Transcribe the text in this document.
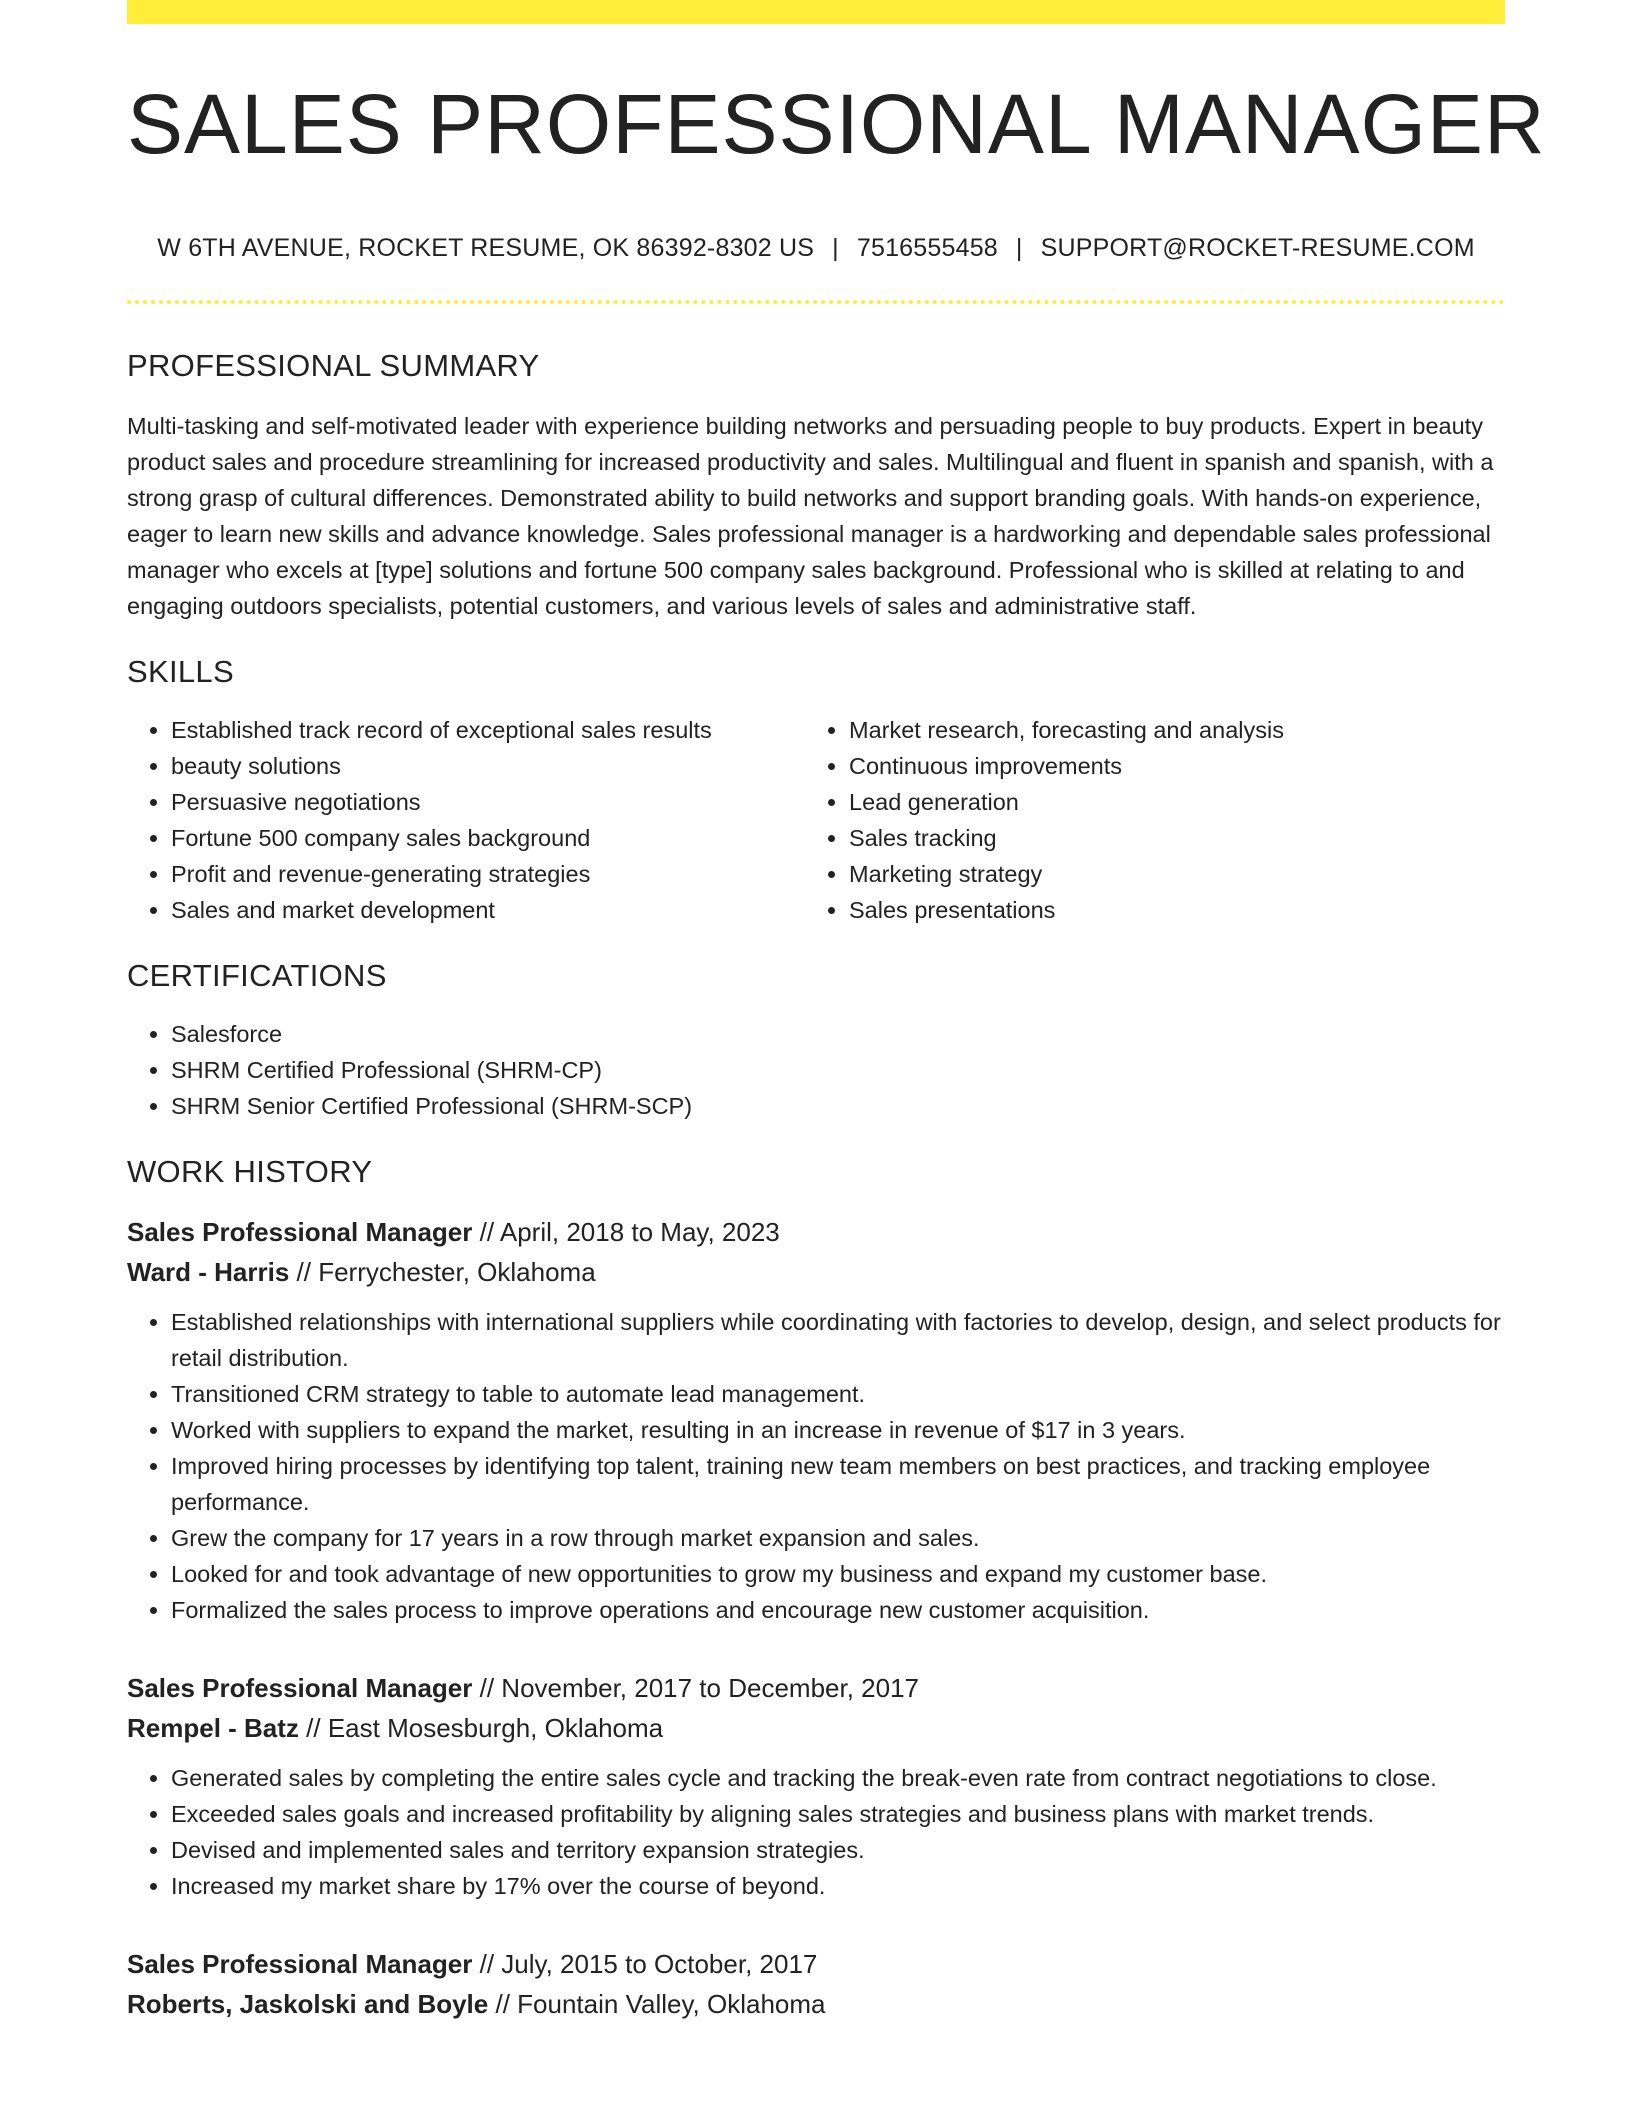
SALES PROFESSIONAL MANAGER
W 6TH AVENUE, ROCKET RESUME, OK 86392-8302 US | 7516555458 | SUPPORT@ROCKET-RESUME.COM
PROFESSIONAL SUMMARY

Multi-tasking and self-motivated leader with experience building networks and persuading people to buy products. Expert in beauty product sales and procedure streamlining for increased productivity and sales. Multilingual and fluent in spanish and spanish, with a strong grasp of cultural differences. Demonstrated ability to build networks and support branding goals. With hands-on experience, eager to learn new skills and advance knowledge. Sales professional manager is a hardworking and dependable sales professional manager who excels at [type] solutions and fortune 500 company sales background. Professional who is skilled at relating to and engaging outdoors specialists, potential customers, and various levels of sales and administrative staff.

SKILLS
• Established track record of exceptional sales results
• beauty solutions
• Persuasive negotiations
• Fortune 500 company sales background
• Profit and revenue-generating strategies
• Sales and market development
• Market research, forecasting and analysis
• Continuous improvements
• Lead generation
• Sales tracking
• Marketing strategy
• Sales presentations
CERTIFICATIONS
• Salesforce
• SHRM Certified Professional (SHRM-CP)
• SHRM Senior Certified Professional (SHRM-SCP)
WORK HISTORY
Sales Professional Manager // April, 2018 to May, 2023
Ward - Harris // Ferrychester, Oklahoma
• Established relationships with international suppliers while coordinating with factories to develop, design, and select products for retail distribution.
• Transitioned CRM strategy to table to automate lead management.
• Worked with suppliers to expand the market, resulting in an increase in revenue of $17 in 3 years.
• Improved hiring processes by identifying top talent, training new team members on best practices, and tracking employee performance.
• Grew the company for 17 years in a row through market expansion and sales.
• Looked for and took advantage of new opportunities to grow my business and expand my customer base.
• Formalized the sales process to improve operations and encourage new customer acquisition.
Sales Professional Manager // November, 2017 to December, 2017
Rempel - Batz // East Mosesburgh, Oklahoma
• Generated sales by completing the entire sales cycle and tracking the break-even rate from contract negotiations to close.
• Exceeded sales goals and increased profitability by aligning sales strategies and business plans with market trends.
• Devised and implemented sales and territory expansion strategies.
• Increased my market share by 17% over the course of beyond.
Sales Professional Manager // July, 2015 to October, 2017
Roberts, Jaskolski and Boyle // Fountain Valley, Oklahoma
